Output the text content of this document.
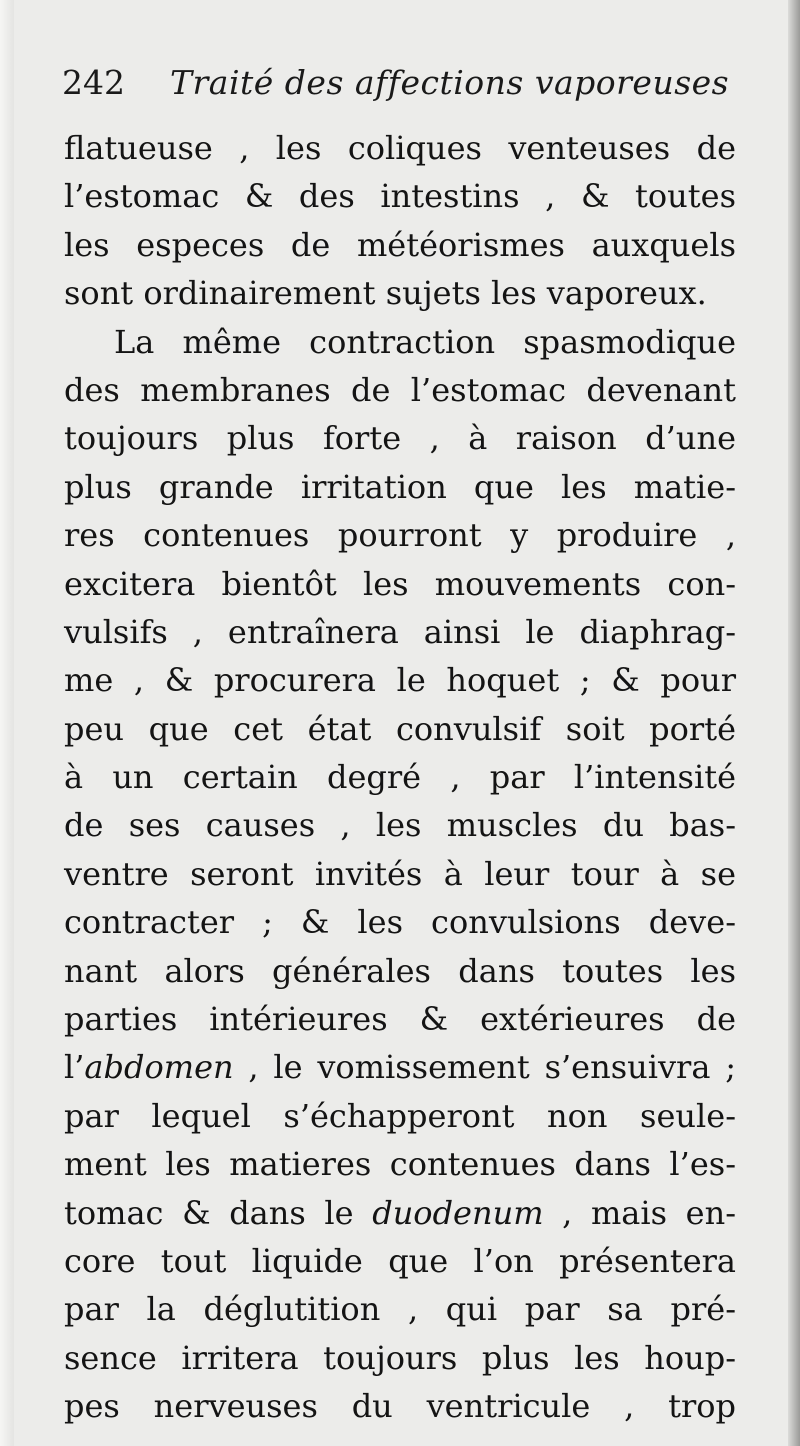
242 Traité des affections vaporeuses
flatueuse , les coliques venteuses de
l’estomac & des intestins , & toutes
les especes de météorismes auxquels
sont ordinairement sujets les vaporeux.
La même contraction spasmodique
des membranes de l’estomac devenant
toujours plus forte , à raison d’une
plus grande irritation que les matie-
res contenues pourront y produire ,
excitera bientôt les mouvements con-
vulsifs , entraînera ainsi le diaphrag-
me , & procurera le hoquet ; & pour
peu que cet état convulsif soit porté
à un certain degré , par l’intensité
de ses causes , les muscles du bas-
ventre seront invités à leur tour à se
contracter ; & les convulsions deve-
nant alors générales dans toutes les
parties intérieures & extérieures de
l’abdomen , le vomissement s’ensuivra ;
par lequel s’échapperont non seule-
ment les matieres contenues dans l’es-
tomac & dans le duodenum , mais en-
core tout liquide que l’on présentera
par la déglutition , qui par sa pré-
sence irritera toujours plus les houp-
pes nerveuses du ventricule , trop
